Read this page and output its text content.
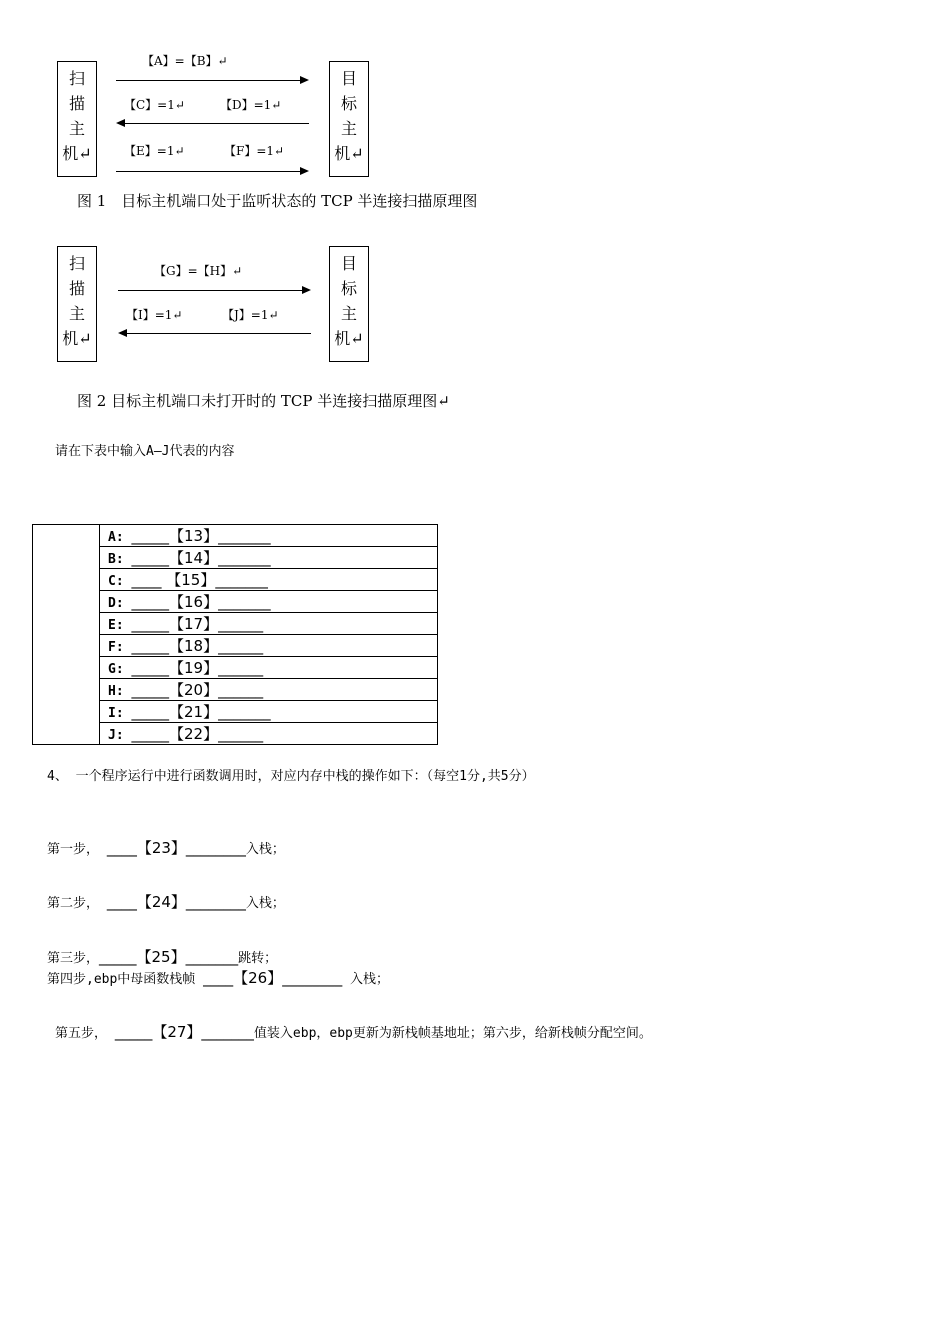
扫
描
主
机↵
目
标
主
机↵
【A】=【B】↵
【C】=1↵	【D】=1↵
【E】=1↵	【F】=1↵
图 1　目标主机端口处于监听状态的 TCP 半连接扫描原理图
扫
描
主
机↵
目
标
主
机↵
【G】=【H】↵
【I】=1↵	【J】=1↵
图 2 目标主机端口未打开时的 TCP 半连接扫描原理图↵
请在下表中输入A—J代表的内容
	A: _____【13】_______
B: _____【14】_______
C: ____ 【15】_______
D: _____【16】_______
E: _____【17】______
F: _____【18】______
G: _____【19】______
H: _____【20】______
I: _____【21】_______
J: _____【22】______
4、 一个程序运行中进行函数调用时，对应内存中栈的操作如下：（每空1分,共5分）
第一步， ____【23】________入栈；
第二步， ____【24】________入栈；
第三步，_____【25】_______跳转；
第四步,ebp中母函数栈帧 ____【26】________ 入栈；
第五步， _____【27】_______值装入ebp，ebp更新为新栈帧基地址；第六步，给新栈帧分配空间。
